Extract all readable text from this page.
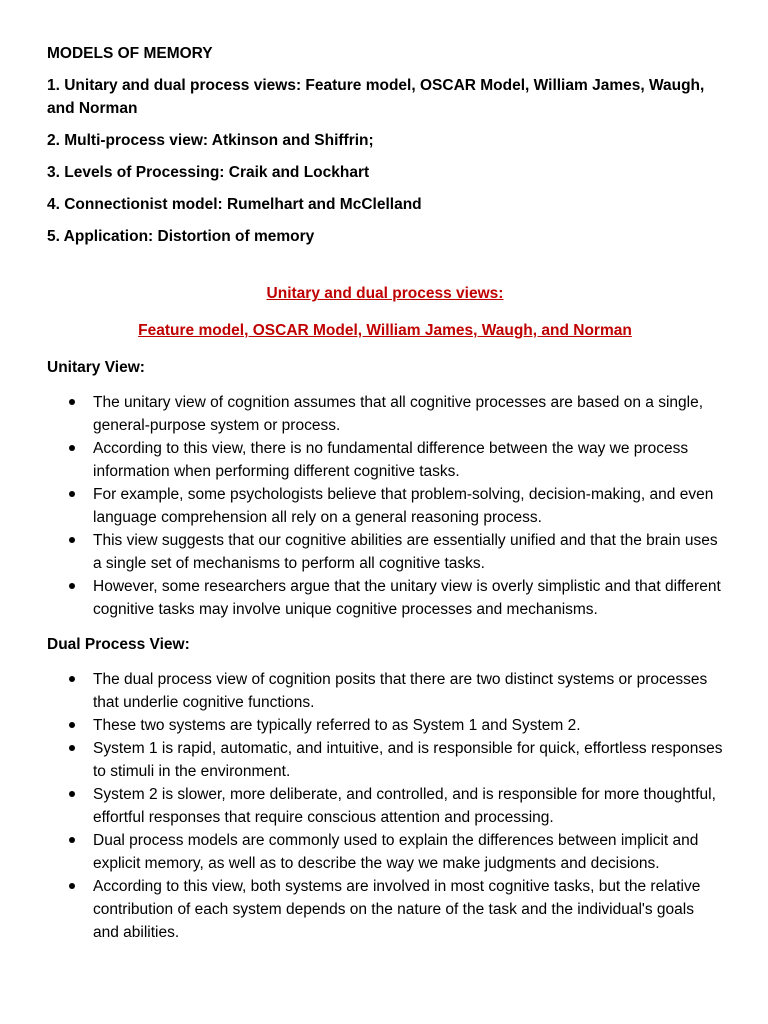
MODELS OF MEMORY
1. Unitary and dual process views: Feature model, OSCAR Model, William James, Waugh, and Norman
2. Multi-process view: Atkinson and Shiffrin;
3. Levels of Processing: Craik and Lockhart
4. Connectionist model: Rumelhart and McClelland
5. Application: Distortion of memory
Unitary and dual process views:
Feature model, OSCAR Model, William James, Waugh, and Norman
Unitary View:
The unitary view of cognition assumes that all cognitive processes are based on a single, general-purpose system or process.
According to this view, there is no fundamental difference between the way we process information when performing different cognitive tasks.
For example, some psychologists believe that problem-solving, decision-making, and even language comprehension all rely on a general reasoning process.
This view suggests that our cognitive abilities are essentially unified and that the brain uses a single set of mechanisms to perform all cognitive tasks.
However, some researchers argue that the unitary view is overly simplistic and that different cognitive tasks may involve unique cognitive processes and mechanisms.
Dual Process View:
The dual process view of cognition posits that there are two distinct systems or processes that underlie cognitive functions.
These two systems are typically referred to as System 1 and System 2.
System 1 is rapid, automatic, and intuitive, and is responsible for quick, effortless responses to stimuli in the environment.
System 2 is slower, more deliberate, and controlled, and is responsible for more thoughtful, effortful responses that require conscious attention and processing.
Dual process models are commonly used to explain the differences between implicit and explicit memory, as well as to describe the way we make judgments and decisions.
According to this view, both systems are involved in most cognitive tasks, but the relative contribution of each system depends on the nature of the task and the individual's goals and abilities.
